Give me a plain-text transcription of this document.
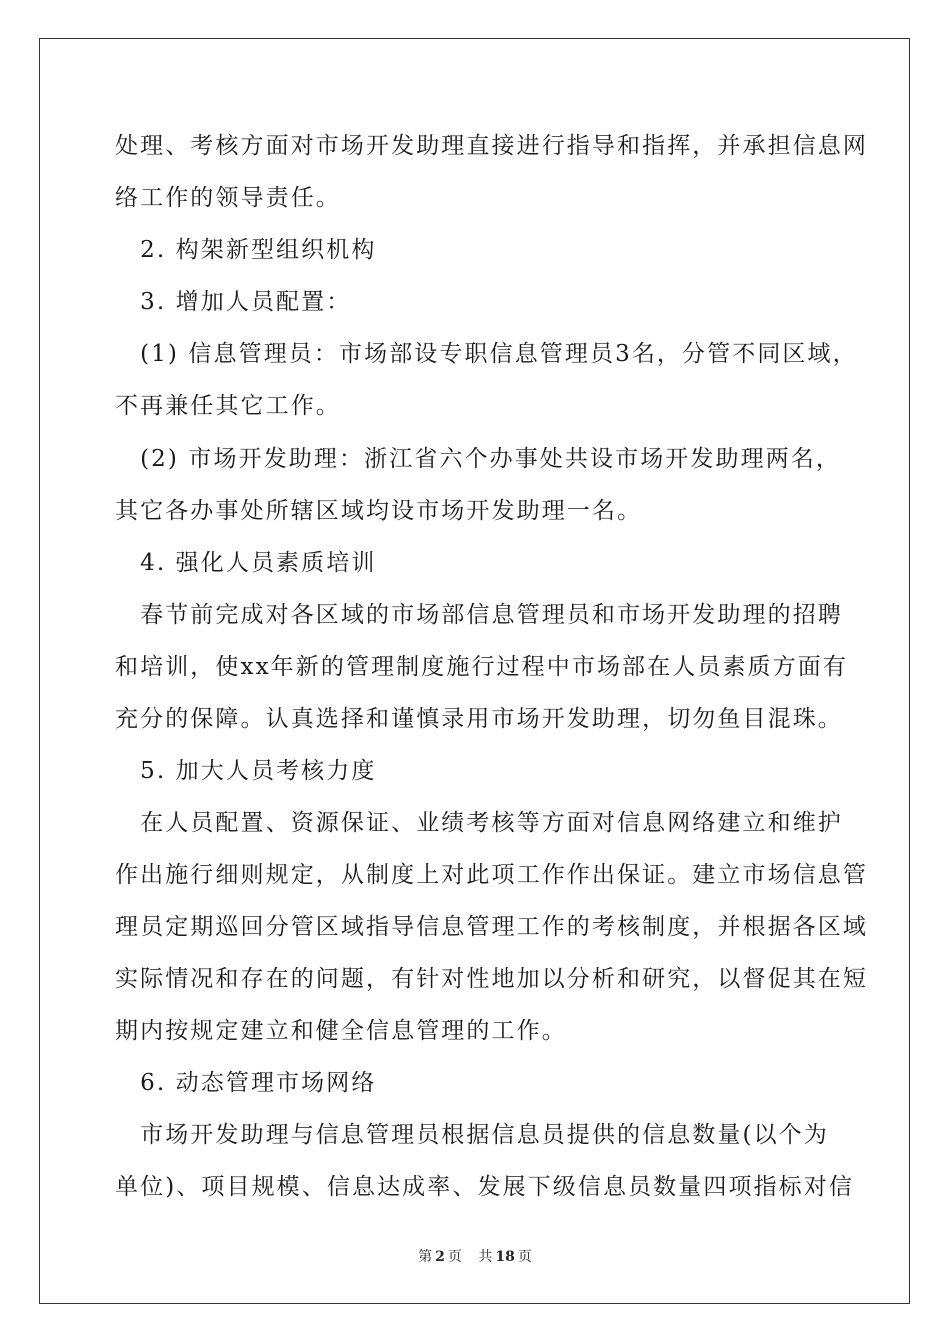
处理、考核方面对市场开发助理直接进行指导和指挥，并承担信息网
络工作的领导责任。
　2. 构架新型组织机构
　3. 增加人员配置：
　(1) 信息管理员：市场部设专职信息管理员3名，分管不同区域，
不再兼任其它工作。
　(2) 市场开发助理：浙江省六个办事处共设市场开发助理两名，
其它各办事处所辖区域均设市场开发助理一名。
　4. 强化人员素质培训
　春节前完成对各区域的市场部信息管理员和市场开发助理的招聘
和培训，使xx年新的管理制度施行过程中市场部在人员素质方面有
充分的保障。认真选择和谨慎录用市场开发助理，切勿鱼目混珠。
　5. 加大人员考核力度
　在人员配置、资源保证、业绩考核等方面对信息网络建立和维护
作出施行细则规定，从制度上对此项工作作出保证。建立市场信息管
理员定期巡回分管区域指导信息管理工作的考核制度，并根据各区域
实际情况和存在的问题，有针对性地加以分析和研究，以督促其在短
期内按规定建立和健全信息管理的工作。
　6. 动态管理市场网络
　市场开发助理与信息管理员根据信息员提供的信息数量(以个为
单位)、项目规模、信息达成率、发展下级信息员数量四项指标对信
第 2 页 共 18 页
